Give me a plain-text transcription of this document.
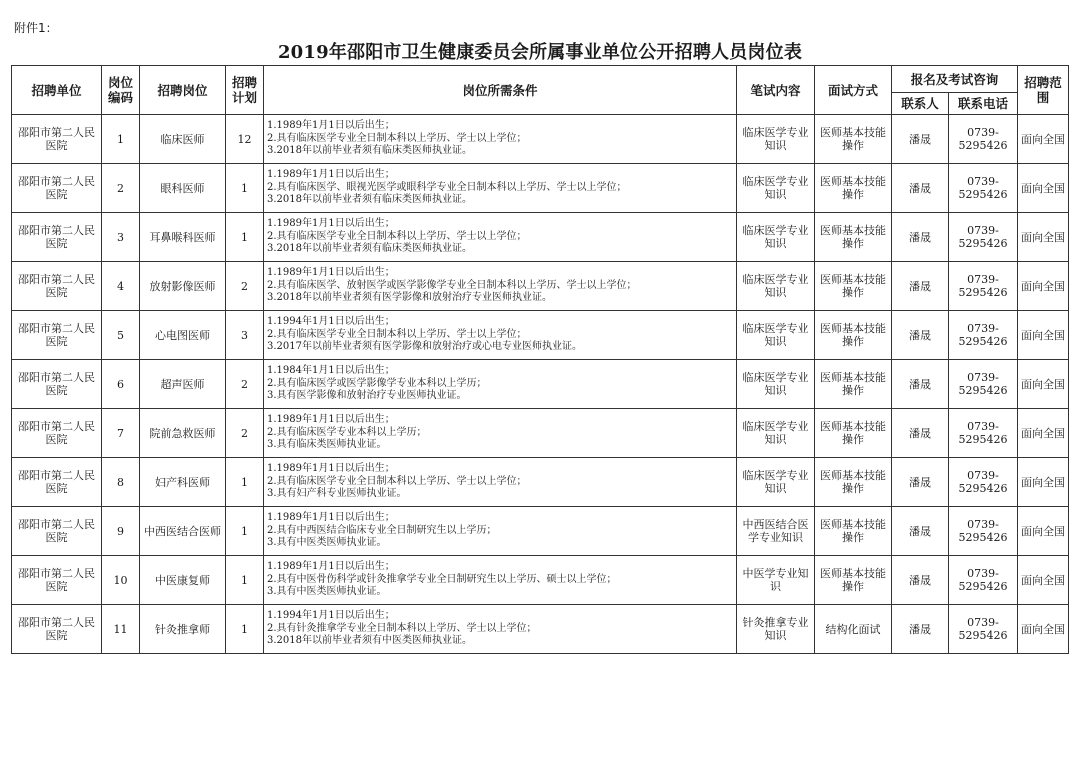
附件1：
2019年邵阳市卫生健康委员会所属事业单位公开招聘人员岗位表
招聘单位	岗位编码	招聘岗位	招聘计划	岗位所需条件	笔试内容	面试方式	报名及考试咨询		招聘范围
							联系人	联系电话	
邵阳市第二人民医院	1	临床医师	12	1.1989年1月1日以后出生；
2.具有临床医学专业全日制本科以上学历、学士以上学位；
3.2018年以前毕业者须有临床类医师执业证。	临床医学专业知识	医师基本技能操作	潘晟	0739-5295426	面向全国
邵阳市第二人民医院	2	眼科医师	1	1.1989年1月1日以后出生；
2.具有临床医学、眼视光医学或眼科学专业全日制本科以上学历、学士以上学位；
3.2018年以前毕业者须有临床类医师执业证。	临床医学专业知识	医师基本技能操作	潘晟	0739-5295426	面向全国
邵阳市第二人民医院	3	耳鼻喉科医师	1	1.1989年1月1日以后出生；
2.具有临床医学专业全日制本科以上学历、学士以上学位；
3.2018年以前毕业者须有临床类医师执业证。	临床医学专业知识	医师基本技能操作	潘晟	0739-5295426	面向全国
邵阳市第二人民医院	4	放射影像医师	2	1.1989年1月1日以后出生；
2.具有临床医学、放射医学或医学影像学专业全日制本科以上学历、学士以上学位；
3.2018年以前毕业者须有医学影像和放射治疗专业医师执业证。	临床医学专业知识	医师基本技能操作	潘晟	0739-5295426	面向全国
邵阳市第二人民医院	5	心电图医师	3	1.1994年1月1日以后出生；
2.具有临床医学专业全日制本科以上学历、学士以上学位；
3.2017年以前毕业者须有医学影像和放射治疗或心电专业医师执业证。	临床医学专业知识	医师基本技能操作	潘晟	0739-5295426	面向全国
邵阳市第二人民医院	6	超声医师	2	1.1984年1月1日以后出生；
2.具有临床医学或医学影像学专业本科以上学历；
3.具有医学影像和放射治疗专业医师执业证。	临床医学专业知识	医师基本技能操作	潘晟	0739-5295426	面向全国
邵阳市第二人民医院	7	院前急救医师	2	1.1989年1月1日以后出生；
2.具有临床医学专业本科以上学历；
3.具有临床类医师执业证。	临床医学专业知识	医师基本技能操作	潘晟	0739-5295426	面向全国
邵阳市第二人民医院	8	妇产科医师	1	1.1989年1月1日以后出生；
2.具有临床医学专业全日制本科以上学历、学士以上学位；
3.具有妇产科专业医师执业证。	临床医学专业知识	医师基本技能操作	潘晟	0739-5295426	面向全国
邵阳市第二人民医院	9	中西医结合医师	1	1.1989年1月1日以后出生；
2.具有中西医结合临床专业全日制研究生以上学历；
3.具有中医类医师执业证。	中西医结合医学专业知识	医师基本技能操作	潘晟	0739-5295426	面向全国
邵阳市第二人民医院	10	中医康复师	1	1.1989年1月1日以后出生；
2.具有中医骨伤科学或针灸推拿学专业全日制研究生以上学历、硕士以上学位；
3.具有中医类医师执业证。	中医学专业知识	医师基本技能操作	潘晟	0739-5295426	面向全国
邵阳市第二人民医院	11	针灸推拿师	1	1.1994年1月1日以后出生；
2.具有针灸推拿学专业全日制本科以上学历、学士以上学位；
3.2018年以前毕业者须有中医类医师执业证。	针灸推拿专业知识	结构化面试	潘晟	0739-5295426	面向全国
